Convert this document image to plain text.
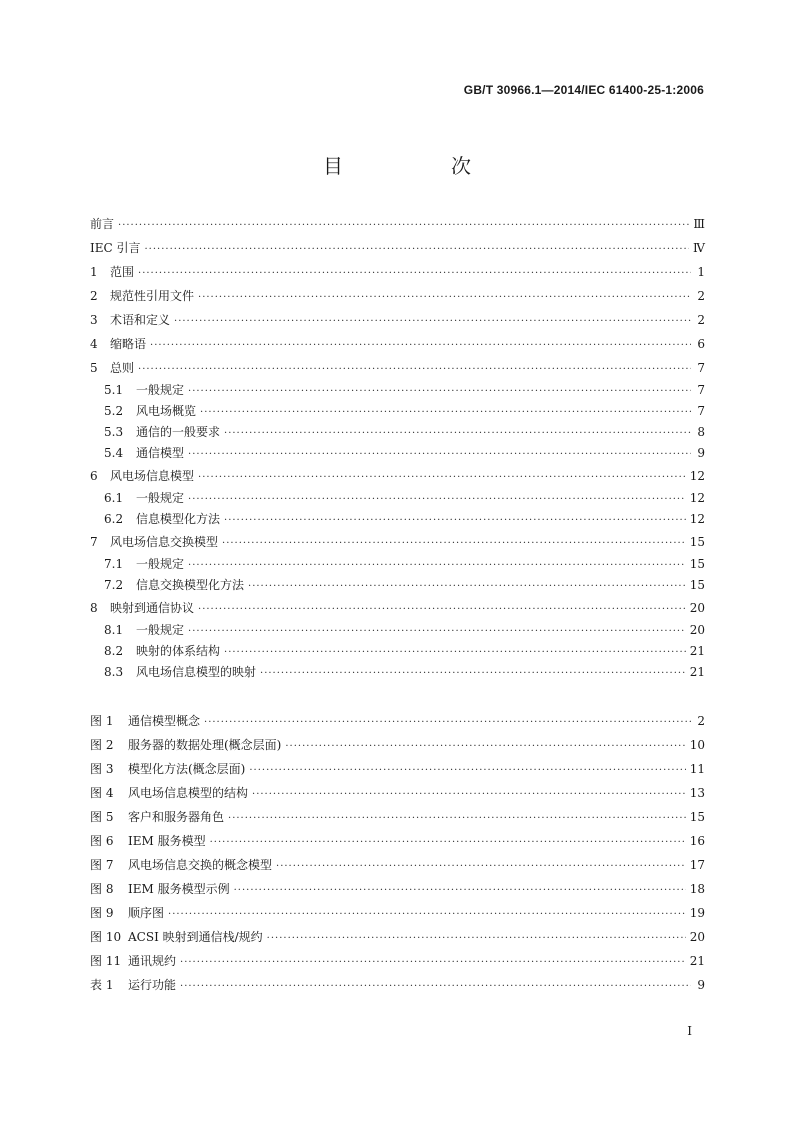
GB/T 30966.1—2014/IEC 61400-25-1:2006
目　次
前言 ·····	Ⅲ
IEC 引言 ·····	Ⅳ
1	范围 ·····	1
2	规范性引用文件 ·····	2
3	术语和定义 ·····	2
4	缩略语 ·····	6
5	总则 ·····	7
5.1	一般规定 ·····	7
5.2	风电场概览 ·····	7
5.3	通信的一般要求 ·····	8
5.4	通信模型 ·····	9
6	风电场信息模型 ·····	12
6.1	一般规定 ·····	12
6.2	信息模型化方法 ·····	12
7	风电场信息交换模型 ·····	15
7.1	一般规定 ·····	15
7.2	信息交换模型化方法 ·····	15
8	映射到通信协议 ·····	20
8.1	一般规定 ·····	20
8.2	映射的体系结构 ·····	21
8.3	风电场信息模型的映射 ·····	21
图 1	通信模型概念 ·····	2
图 2	服务器的数据处理(概念层面) ·····	10
图 3	模型化方法(概念层面) ·····	11
图 4	风电场信息模型的结构 ·····	13
图 5	客户和服务器角色 ·····	15
图 6	IEM 服务模型 ·····	16
图 7	风电场信息交换的概念模型 ·····	17
图 8	IEM 服务模型示例 ·····	18
图 9	顺序图 ·····	19
图 10 ACSI 映射到通信栈/规约 ·····	20
图 11 通讯规约 ·····	21
表 1	运行功能 ·····	9
Ⅰ
